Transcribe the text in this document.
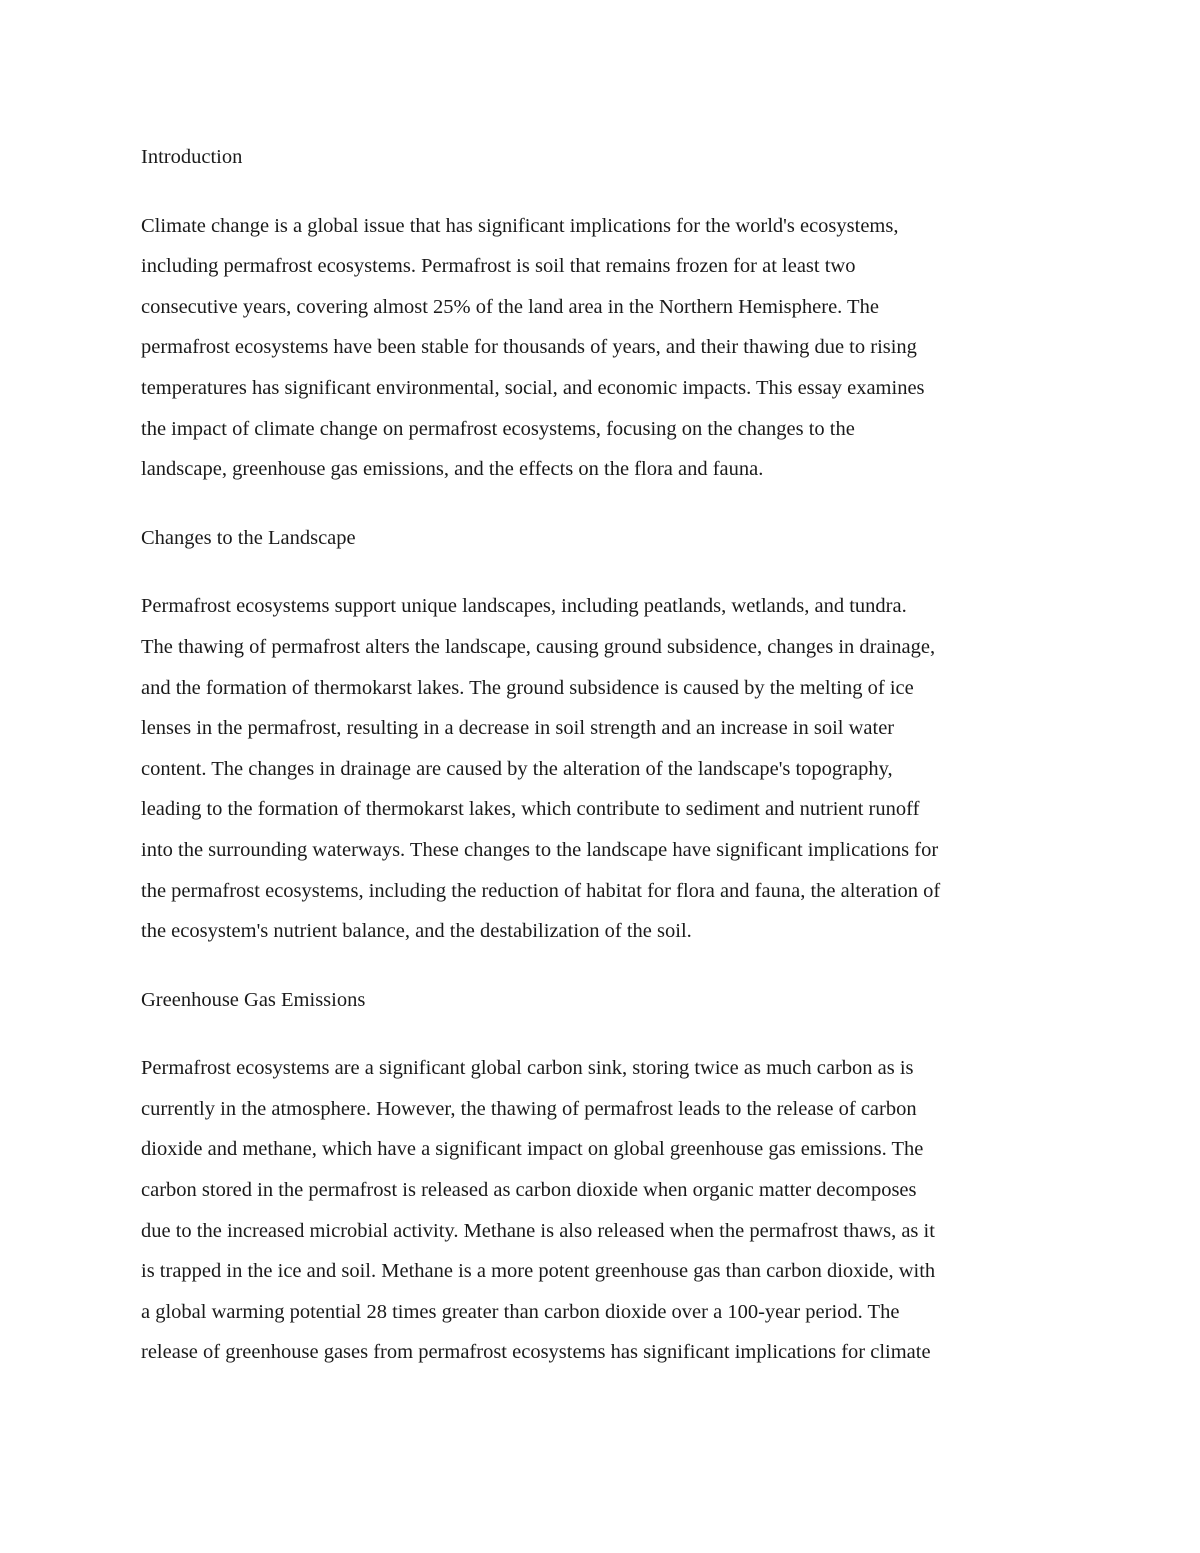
Introduction
Climate change is a global issue that has significant implications for the world's ecosystems,
including permafrost ecosystems. Permafrost is soil that remains frozen for at least two
consecutive years, covering almost 25% of the land area in the Northern Hemisphere. The
permafrost ecosystems have been stable for thousands of years, and their thawing due to rising
temperatures has significant environmental, social, and economic impacts. This essay examines
the impact of climate change on permafrost ecosystems, focusing on the changes to the
landscape, greenhouse gas emissions, and the effects on the flora and fauna.
Changes to the Landscape
Permafrost ecosystems support unique landscapes, including peatlands, wetlands, and tundra.
The thawing of permafrost alters the landscape, causing ground subsidence, changes in drainage,
and the formation of thermokarst lakes. The ground subsidence is caused by the melting of ice
lenses in the permafrost, resulting in a decrease in soil strength and an increase in soil water
content. The changes in drainage are caused by the alteration of the landscape's topography,
leading to the formation of thermokarst lakes, which contribute to sediment and nutrient runoff
into the surrounding waterways. These changes to the landscape have significant implications for
the permafrost ecosystems, including the reduction of habitat for flora and fauna, the alteration of
the ecosystem's nutrient balance, and the destabilization of the soil.
Greenhouse Gas Emissions
Permafrost ecosystems are a significant global carbon sink, storing twice as much carbon as is
currently in the atmosphere. However, the thawing of permafrost leads to the release of carbon
dioxide and methane, which have a significant impact on global greenhouse gas emissions. The
carbon stored in the permafrost is released as carbon dioxide when organic matter decomposes
due to the increased microbial activity. Methane is also released when the permafrost thaws, as it
is trapped in the ice and soil. Methane is a more potent greenhouse gas than carbon dioxide, with
a global warming potential 28 times greater than carbon dioxide over a 100-year period. The
release of greenhouse gases from permafrost ecosystems has significant implications for climate
